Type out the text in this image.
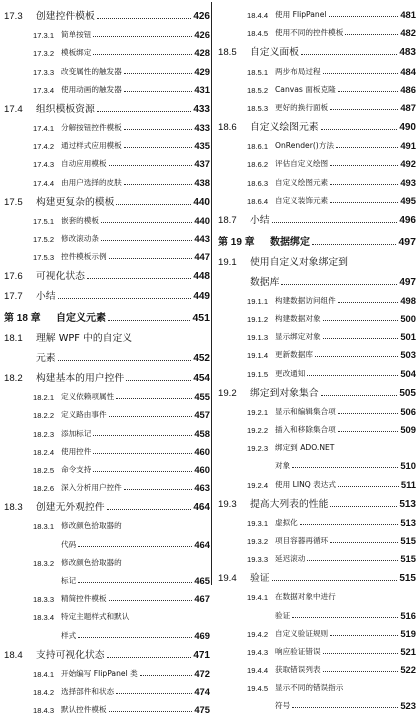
17.3	创建控件模板	426
17.3.1 简单按钮	426
17.3.2 模板绑定	428
17.3.3 改变属性的触发器	429
17.3.4 使用动画的触发器	431
17.4	组织模板资源	433
17.4.1 分解按钮控件模板	433
17.4.2 通过样式应用模板	435
17.4.3 自动应用模板	437
17.4.4 由用户选择的皮肤	438
17.5	构建更复杂的模板	440
17.5.1 嵌套的模板	440
17.5.2 修改滚动条	443
17.5.3 控件模板示例	447
17.6	可视化状态	448
17.7	小结	449
第 18 章	自定义元素	451
18.1	理解 WPF 中的自定义
元素	452
18.2	构建基本的用户控件	454
18.2.1 定义依赖项属性	455
18.2.2 定义路由事件	457
18.2.3 添加标记	458
18.2.4 使用控件	460
18.2.5 命令支持	460
18.2.6 深入分析用户控件	463
18.3	创建无外观控件	464
18.3.1 修改颜色拾取器的
代码	464
18.3.2 修改颜色拾取器的
标记	465
18.3.3 精简控件模板	467
18.3.4 特定主题样式和默认
样式	469
18.4	支持可视化状态	471
18.4.1 开始编写 FlipPanel 类	472
18.4.2 选择部件和状态	474
18.4.3 默认控件模板	475
18.4.4 使用 FlipPanel	481
18.4.5 使用不同的控件模板	482
18.5	自定义面板	483
18.5.1 两步布局过程	484
18.5.2 Canvas 面板克隆	486
18.5.3 更好的换行面板	487
18.6	自定义绘图元素	490
18.6.1 OnRender()方法	491
18.6.2 评估自定义绘图	492
18.6.3 自定义绘图元素	493
18.6.4 自定义装饰元素	495
18.7	小结	496
第 19 章	数据绑定	497
19.1	使用自定义对象绑定到
数据库	497
19.1.1 构建数据访问组件	498
19.1.2 构建数据对象	500
19.1.3 显示绑定对象	501
19.1.4 更新数据库	503
19.1.5 更改通知	504
19.2	绑定到对象集合	505
19.2.1 显示和编辑集合项	506
19.2.2 插入和移除集合项	509
19.2.3 绑定到 ADO.NET
对象	510
19.2.4 使用 LINQ 表达式	511
19.3	提高大列表的性能	513
19.3.1 虚拟化	513
19.3.2 项目容器再循环	515
19.3.3 延迟滚动	515
19.4	验证	515
19.4.1 在数据对象中进行
验证	516
19.4.2 自定义验证规则	519
19.4.3 响应验证错误	521
19.4.4 获取错误列表	522
19.4.5 显示不同的错误指示
符号	523
